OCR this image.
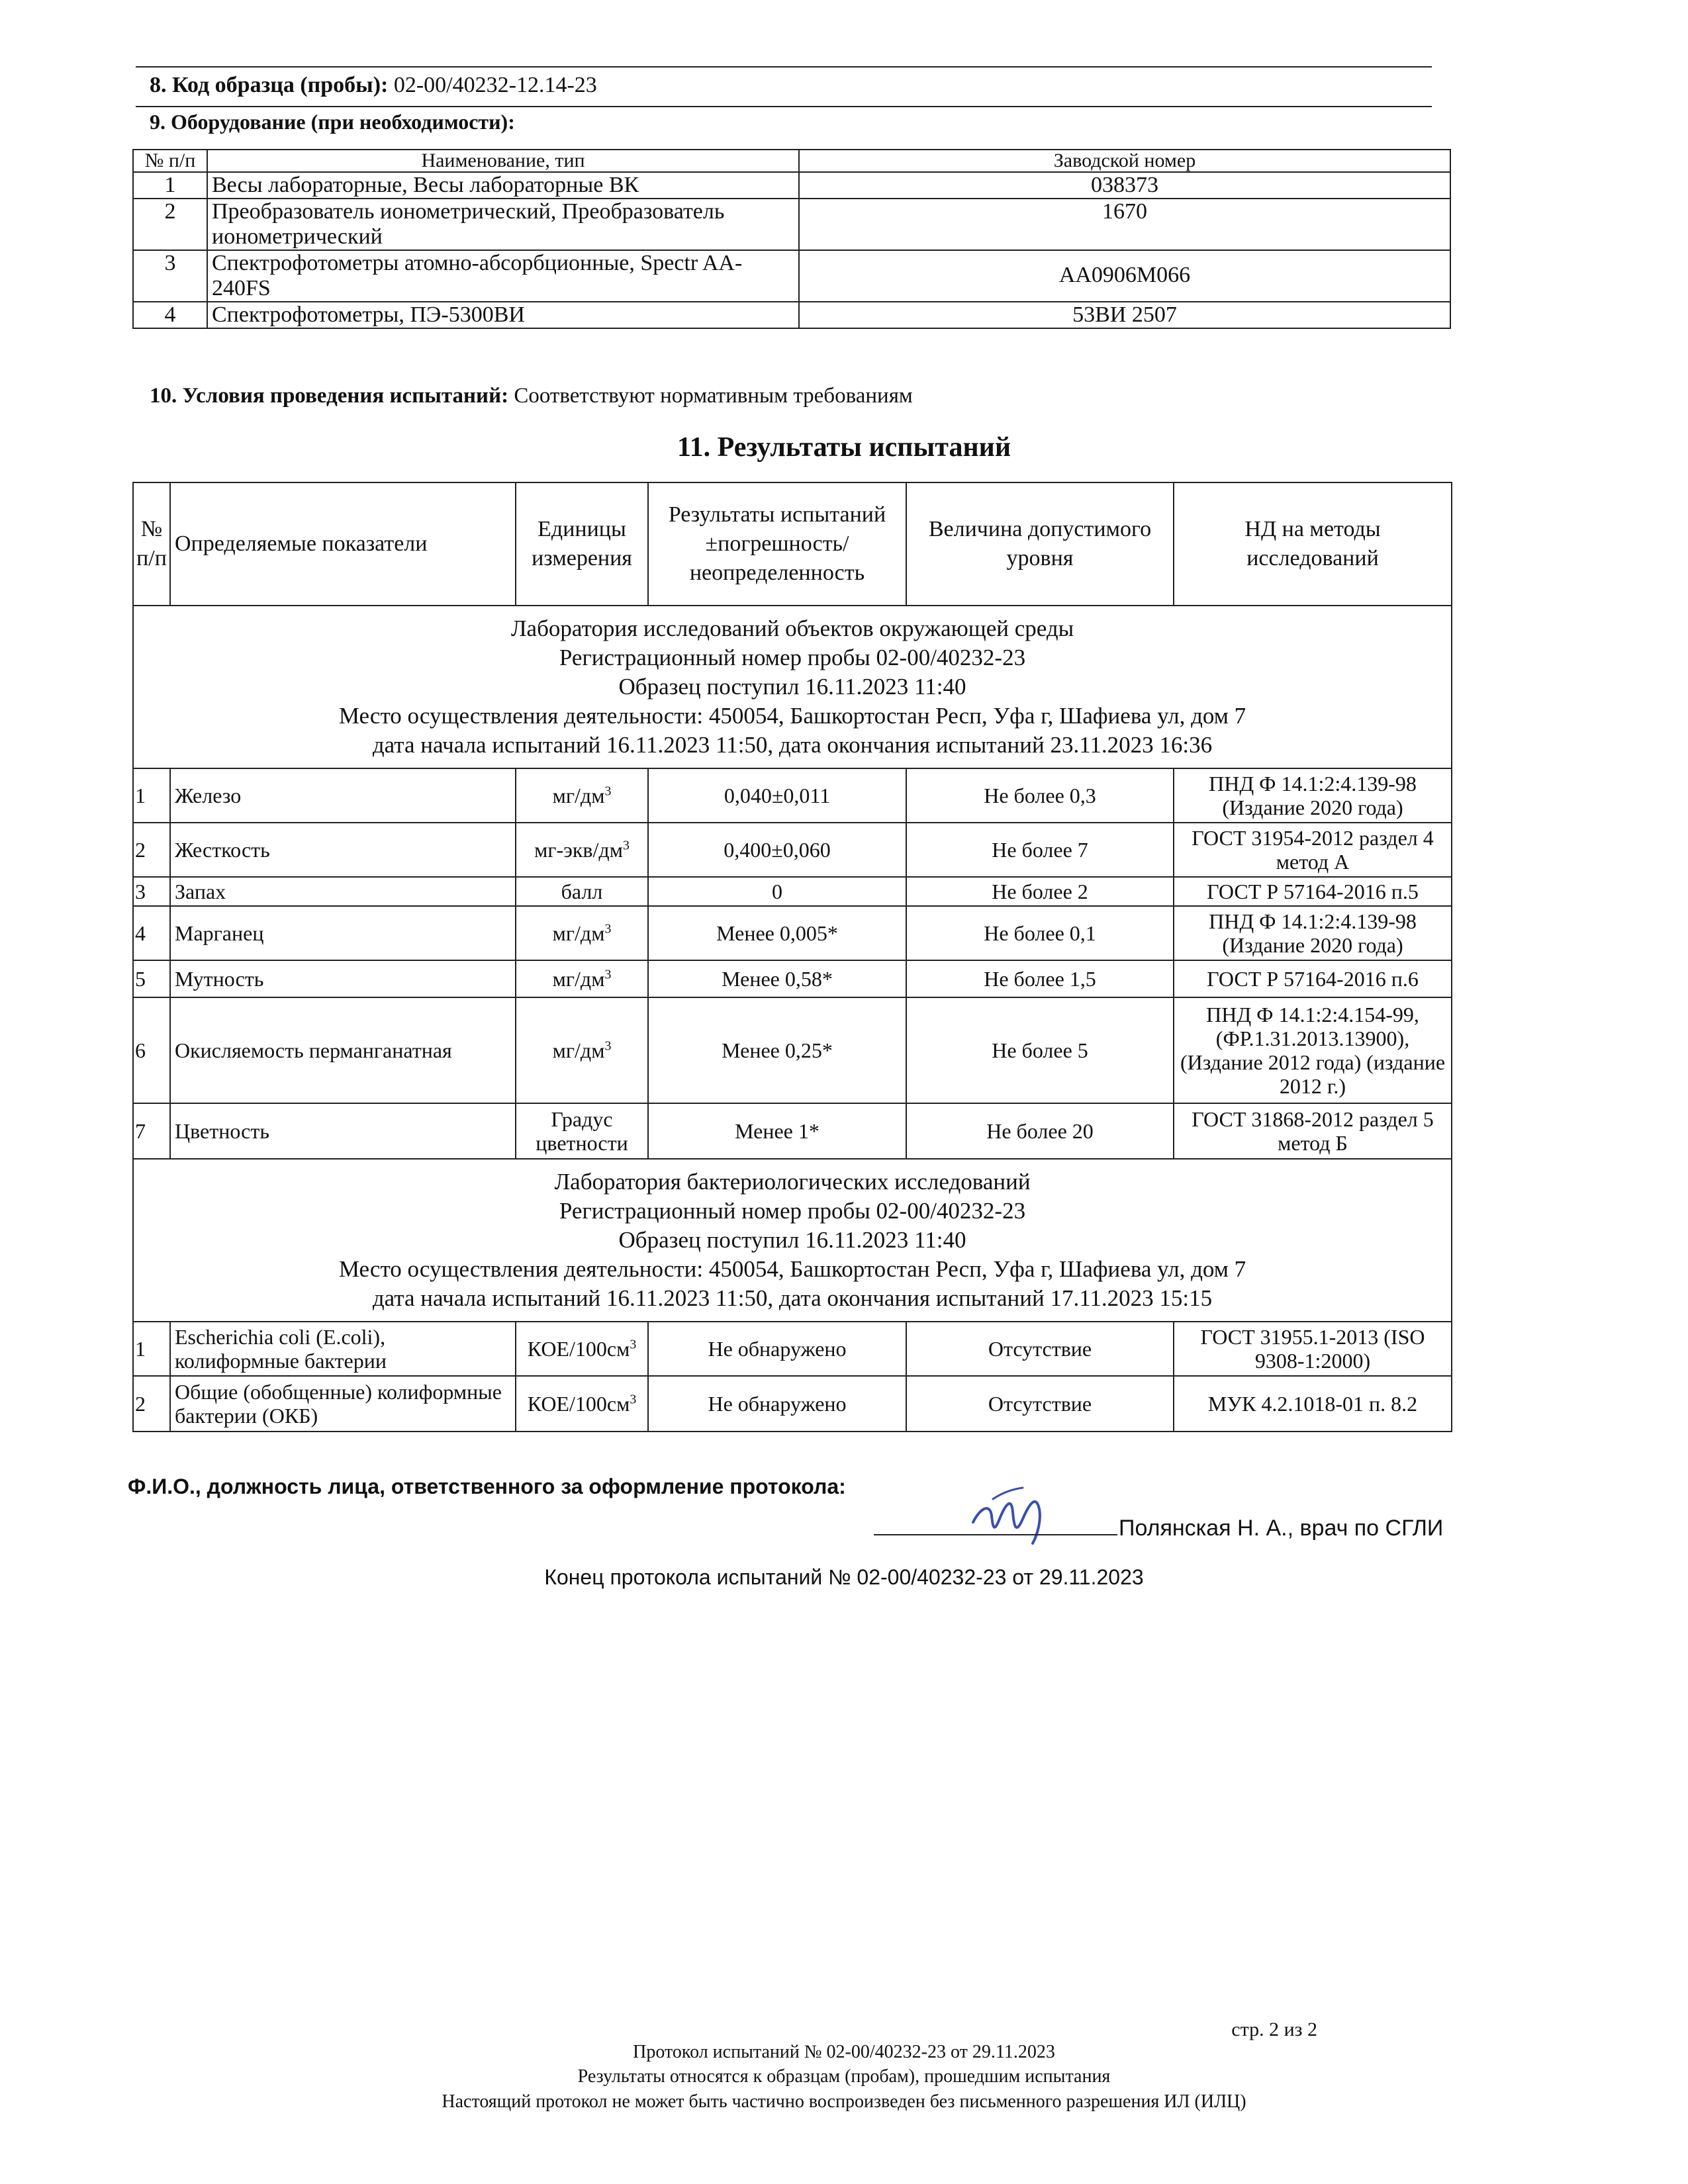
8. Код образца (пробы): 02-00/40232-12.14-23
9. Оборудование (при необходимости):
№ п/п	Наименование, тип	Заводской номер
1	Весы лабораторные, Весы лабораторные ВК	038373
2	Преобразователь ионометрический, Преобразователь ионометрический	1670
3	Спектрофотометры атомно-абсорбционные, Spectr AA-240FS	AA0906M066
4	Спектрофотометры, ПЭ-5300ВИ	53ВИ 2507
10. Условия проведения испытаний: Соответствуют нормативным требованиям
11. Результаты испытаний
№ п/п	Определяемые показатели	Единицы измерения	Результаты испытаний ±погрешность/ неопределенность	Величина допустимого уровня	НД на методы исследований

Лаборатория исследований объектов окружающей среды
Регистрационный номер пробы 02-00/40232-23
Образец поступил 16.11.2023 11:40
Место осуществления деятельности: 450054, Башкортостан Респ, Уфа г, Шафиева ул, дом 7
дата начала испытаний 16.11.2023 11:50, дата окончания испытаний 23.11.2023 16:36					

1	Железо	$мг/дм^3$	0,040±0,011	Не более 0,3	ПНД Ф 14.1:2:4.139-98 (Издание 2020 года)
2	Жесткость	$мг-экв/дм^3$	0,400±0,060	Не более 7	ГОСТ 31954-2012 раздел 4 метод А
3	Запах	балл	0	Не более 2	ГОСТ Р 57164-2016 п.5
4	Марганец	$мг/дм^3$	Менее 0,005*	Не более 0,1	ПНД Ф 14.1:2:4.139-98 (Издание 2020 года)
5	Мутность	$мг/дм^3$	Менее 0,58*	Не более 1,5	ГОСТ Р 57164-2016 п.6
6	Окисляемость перманганатная	$мг/дм^3$	Менее 0,25*	Не более 5	ПНД Ф 14.1:2:4.154-99, (ФР.1.31.2013.13900), (Издание 2012 года) (издание 2012 г.)
7	Цветность	Градус цветности	Менее 1*	Не более 20	ГОСТ 31868-2012 раздел 5 метод Б

Лаборатория бактериологических исследований
Регистрационный номер пробы 02-00/40232-23
Образец поступил 16.11.2023 11:40
Место осуществления деятельности: 450054, Башкортостан Респ, Уфа г, Шафиева ул, дом 7
дата начала испытаний 16.11.2023 11:50, дата окончания испытаний 17.11.2023 15:15					

1	Escherichia coli (E.coli), колиформные бактерии	КОЕ/$100см^3$	Не обнаружено	Отсутствие	ГОСТ 31955.1-2013 (ISO 9308-1:2000)
2	Общие (обобщенные) колиформные бактерии (ОКБ)	КОЕ/$100см^3$	Не обнаружено	Отсутствие	МУК 4.2.1018-01 п. 8.2
Ф.И.О., должность лица, ответственного за оформление протокола:
Полянская Н. А., врач по СГЛИ
Конец протокола испытаний № 02-00/40232-23 от 29.11.2023
стр. 2 из 2
Протокол испытаний № 02-00/40232-23 от 29.11.2023
Результаты относятся к образцам (пробам), прошедшим испытания
Настоящий протокол не может быть частично воспроизведен без письменного разрешения ИЛ (ИЛЦ)
